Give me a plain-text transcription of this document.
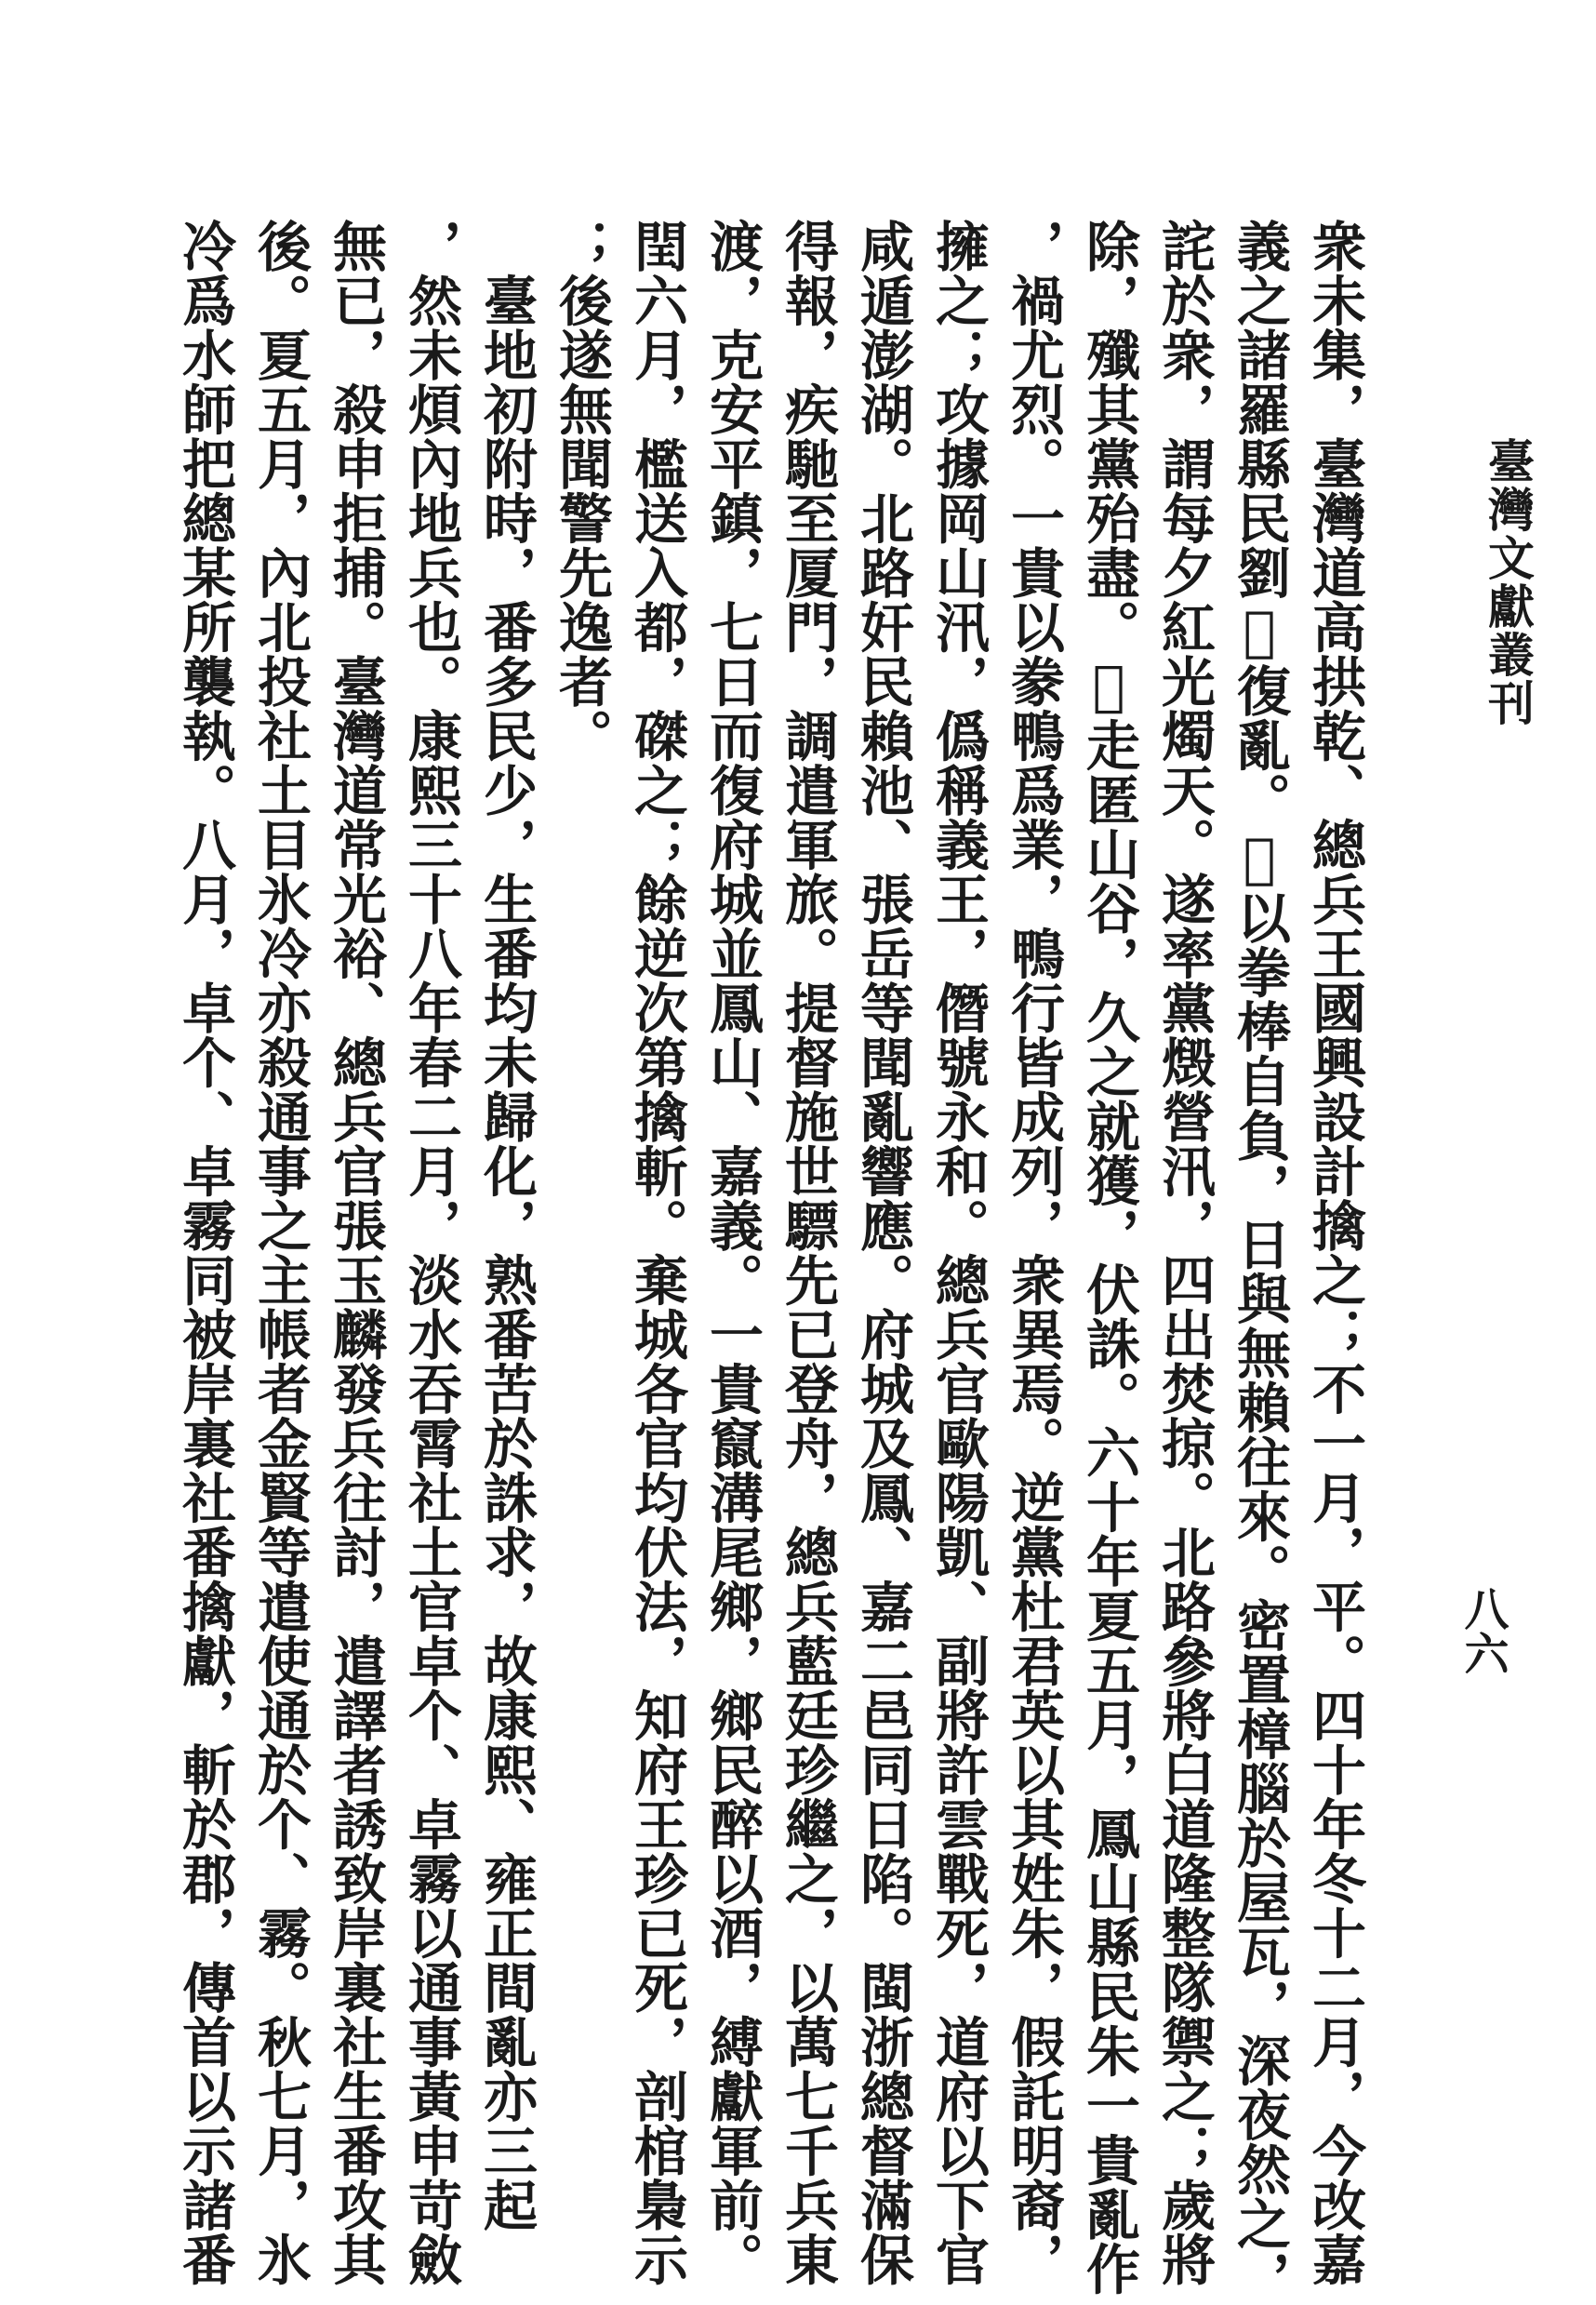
臺灣文獻叢刊
八六
衆未集，臺灣道高拱乾、總兵王國興設計擒之；不一月，平。四十年冬十二月，今改嘉
義之諸羅縣民劉𨺚復亂。𨺚以拳棒自負，日與無賴往來。密置樟腦於屋瓦，深夜然之，
詫於衆，謂每夕紅光燭天。遂率黨燬營汛，四出焚掠。北路參將白道隆整隊禦之；歲將
除，殲其黨殆盡。𨺚走匿山谷，久之就獲，伏誅。六十年夏五月，鳳山縣民朱一貴亂作
，禍尤烈。一貴以豢鴨爲業，鴨行皆成列，衆異焉。逆黨杜君英以其姓朱，假託明裔，
擁之；攻據岡山汛，僞稱義王，僭號永和。總兵官歐陽凱、副將許雲戰死，道府以下官
咸遁澎湖。北路奸民賴池、張岳等聞亂響應。府城及鳳、嘉二邑同日陷。閩浙總督滿保
得報，疾馳至厦門，調遣軍旅。提督施世驃先已登舟，總兵藍廷珍繼之，以萬七千兵東
渡，克安平鎮，七日而復府城並鳳山、嘉義。一貴竄溝尾鄉，鄉民醉以酒，縛獻軍前。
閏六月，檻送入都，磔之；餘逆次第擒斬。棄城各官均伏法，知府王珍已死，剖棺梟示
；後遂無聞警先逸者。
　臺地初附時，番多民少，生番均未歸化，熟番苦於誅求，故康熙、雍正間亂亦三起
，然未煩內地兵也。康熙三十八年春二月，淡水吞霄社土官卓个、卓霧以通事黃申苛斂
無已，殺申拒捕。臺灣道常光裕、總兵官張玉麟發兵往討，遣譯者誘致岸裏社生番攻其
後。夏五月，內北投社土目氷冷亦殺通事之主帳者金賢等遣使通於个、霧。秋七月，氷
冷爲水師把總某所襲執。八月，卓个、卓霧同被岸裏社番擒獻，斬於郡，傳首以示諸番
